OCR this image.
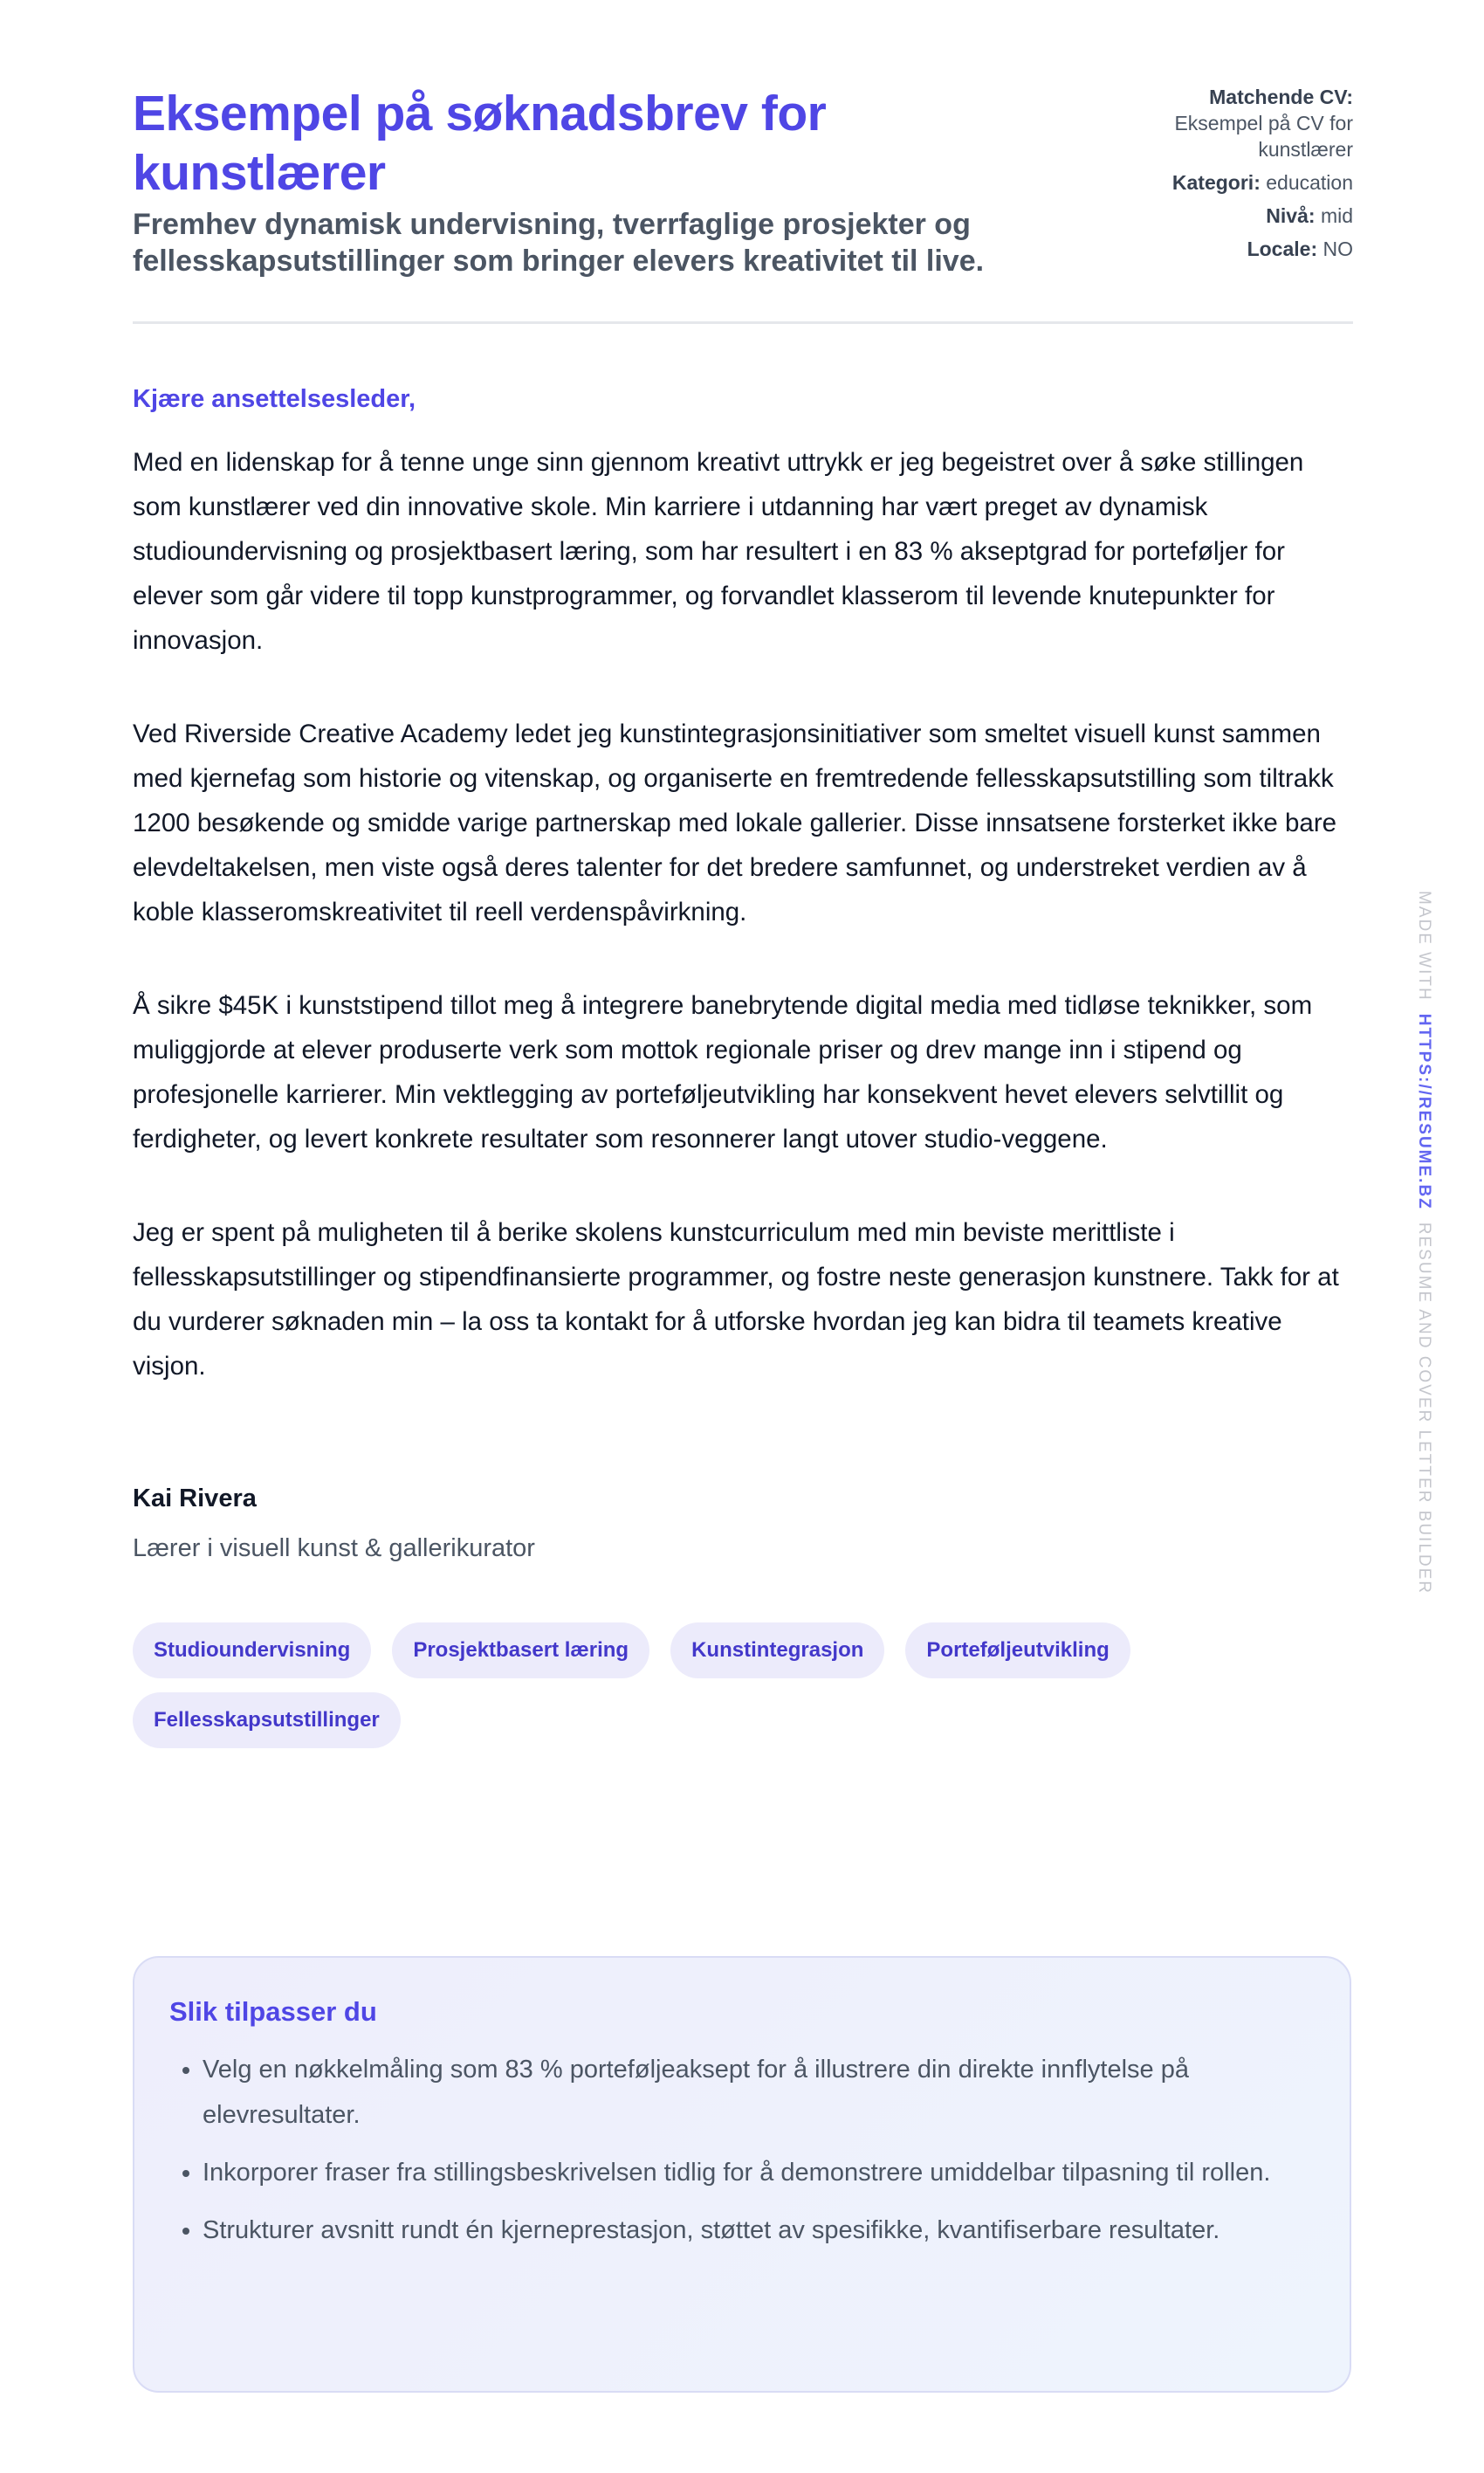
Eksempel på søknadsbrev for kunstlærer

Fremhev dynamisk undervisning, tverrfaglige prosjekter og fellesskapsutstillinger som bringer elevers kreativitet til live.

Matchende CV:
Eksempel på CV for kunstlærer
Kategori: education
Nivå: mid
Locale: NO
Kjære ansettelsesleder,

Med en lidenskap for å tenne unge sinn gjennom kreativt uttrykk er jeg begeistret over å søke stillingen som kunstlærer ved din innovative skole. Min karriere i utdanning har vært preget av dynamisk studioundervisning og prosjektbasert læring, som har resultert i en 83 % akseptgrad for porteføljer for elever som går videre til topp kunstprogrammer, og forvandlet klasserom til levende knutepunkter for innovasjon.

Ved Riverside Creative Academy ledet jeg kunstintegrasjonsinitiativer som smeltet visuell kunst sammen med kjernefag som historie og vitenskap, og organiserte en fremtredende fellesskapsutstilling som tiltrakk 1200 besøkende og smidde varige partnerskap med lokale gallerier. Disse innsatsene forsterket ikke bare elevdeltakelsen, men viste også deres talenter for det bredere samfunnet, og understreket verdien av å koble klasseromskreativitet til reell verdenspåvirkning.

Å sikre $45K i kunststipend tillot meg å integrere banebrytende digital media med tidløse teknikker, som muliggjorde at elever produserte verk som mottok regionale priser og drev mange inn i stipend og profesjonelle karrierer. Min vektlegging av porteføljeutvikling har konsekvent hevet elevers selvtillit og ferdigheter, og levert konkrete resultater som resonnerer langt utover studio-veggene.

Jeg er spent på muligheten til å berike skolens kunstcurriculum med min beviste merittliste i fellesskapsutstillinger og stipendfinansierte programmer, og fostre neste generasjon kunstnere. Takk for at du vurderer søknaden min – la oss ta kontakt for å utforske hvordan jeg kan bidra til teamets kreative visjon.

Kai Rivera
Lærer i visuell kunst & gallerikurator
Studioundervisning	Prosjektbasert læring	Kunstintegrasjon	Porteføljeutvikling
Fellesskapsutstillinger
Slik tilpasser du
• Velg en nøkkelmåling som 83 % porteføljeaksept for å illustrere din direkte innflytelse på elevresultater.
• Inkorporer fraser fra stillingsbeskrivelsen tidlig for å demonstrere umiddelbar tilpasning til rollen.
• Strukturer avsnitt rundt én kjerneprestasjon, støttet av spesifikke, kvantifiserbare resultater.
MADE WITHHTTPS://RESUME.BZRESUME AND COVER LETTER BUILDER
